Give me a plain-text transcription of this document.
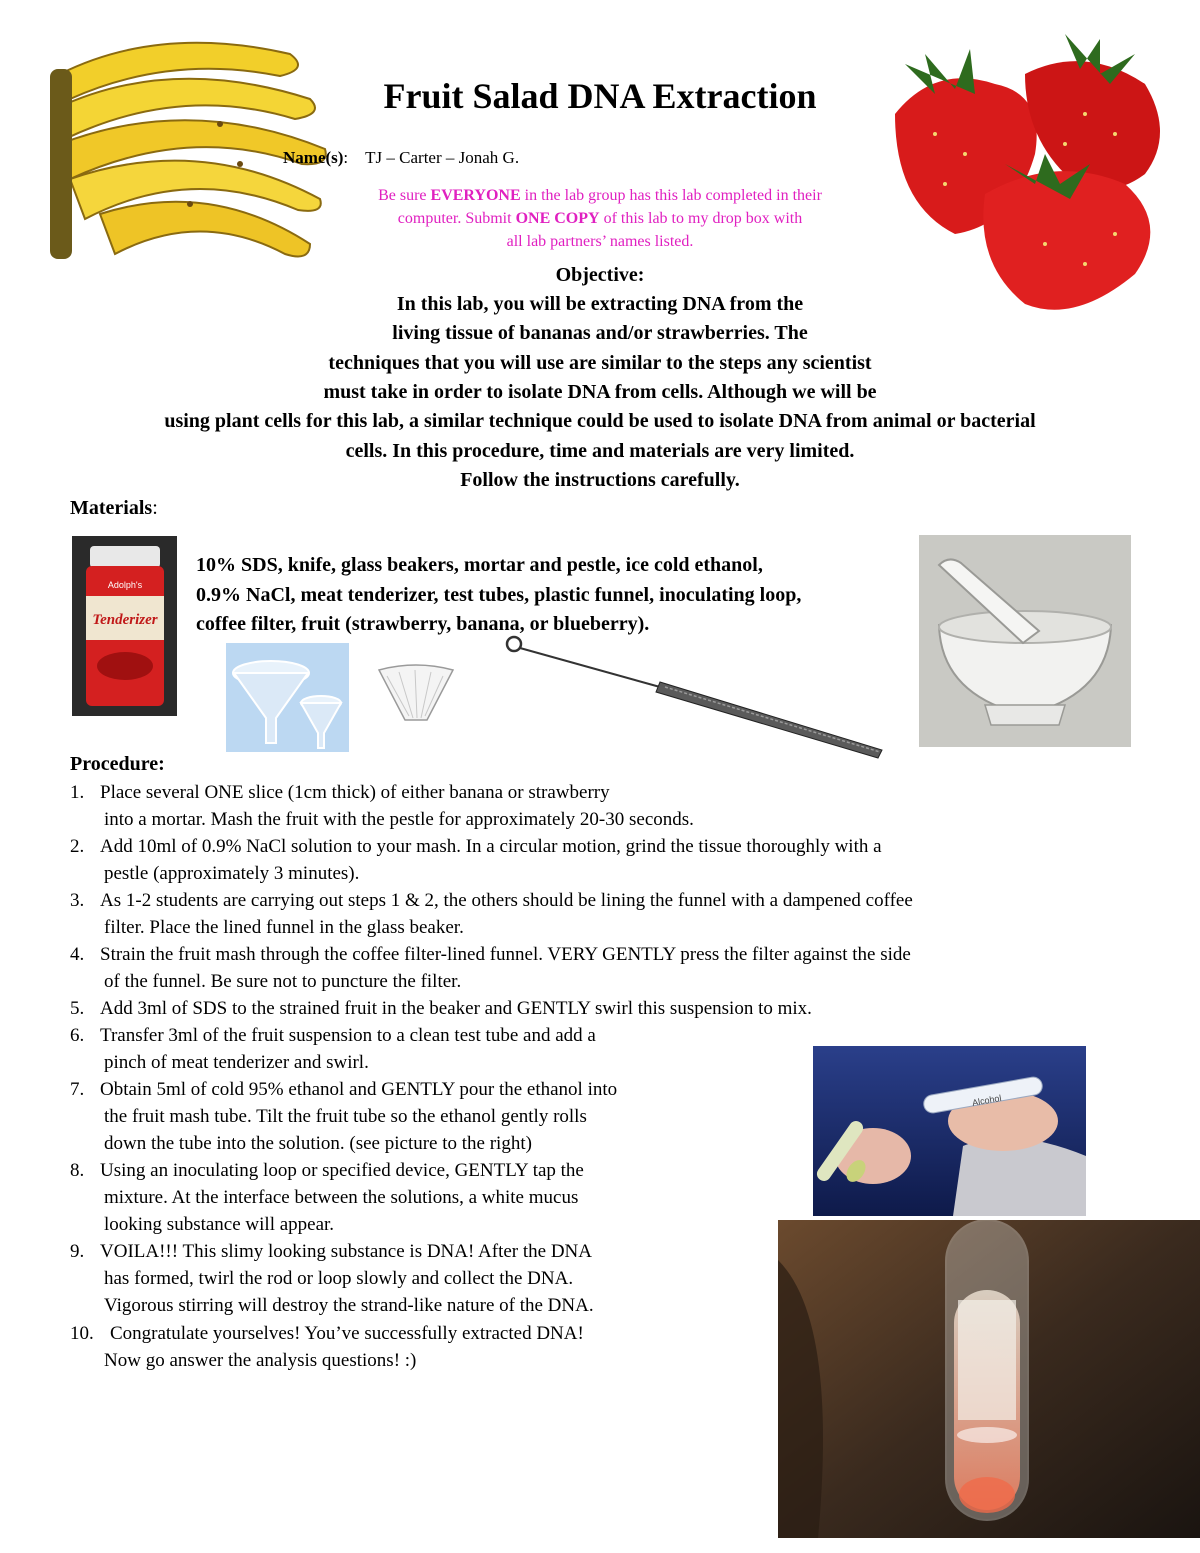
Fruit Salad DNA Extraction
Name(s):    TJ – Carter – Jonah G.
Be sure EVERYONE in the lab group has this lab completed in their
computer. Submit ONE COPY of this lab to my drop box with
all lab partners’ names listed.
Objective:
In this lab, you will be extracting DNA from the
living tissue of bananas and/or strawberries. The
techniques that you will use are similar to the steps any scientist
must take in order to isolate DNA from cells. Although we will be
using plant cells for this lab, a similar technique could be used to isolate DNA from animal or bacterial
cells. In this procedure, time and materials are very limited.
Follow the instructions carefully.
Materials:
Adolph's
Tenderizer
10% SDS, knife, glass beakers, mortar and pestle, ice cold ethanol,
0.9% NaCl, meat tenderizer, test tubes, plastic funnel, inoculating loop,
coffee filter, fruit (strawberry, banana, or blueberry).
Procedure:
1. Place several ONE slice (1cm thick) of either banana or strawberry
into a mortar. Mash the fruit with the pestle for approximately 20-30 seconds.
2. Add 10ml of 0.9% NaCl solution to your mash. In a circular motion, grind the tissue thoroughly with a
pestle (approximately 3 minutes).
3. As 1-2 students are carrying out steps 1 & 2, the others should be lining the funnel with a dampened coffee
filter. Place the lined funnel in the glass beaker.
4. Strain the fruit mash through the coffee filter-lined funnel. VERY GENTLY press the filter against the side
of the funnel. Be sure not to puncture the filter.
5. Add 3ml of SDS to the strained fruit in the beaker and GENTLY swirl this suspension to mix.
6. Transfer 3ml of the fruit suspension to a clean test tube and add a
pinch of meat tenderizer and swirl.
7. Obtain 5ml of cold 95% ethanol and GENTLY pour the ethanol into
the fruit mash tube. Tilt the fruit tube so the ethanol gently rolls
down the tube into the solution. (see picture to the right)
8. Using an inoculating loop or specified device, GENTLY tap the
mixture. At the interface between the solutions, a white mucus
looking substance will appear.
9. VOILA!!! This slimy looking substance is DNA! After the DNA
has formed, twirl the rod or loop slowly and collect the DNA.
Vigorous stirring will destroy the strand-like nature of the DNA.
10. Congratulate yourselves! You’ve successfully extracted DNA!
Now go answer the analysis questions! :)
Alcohol
